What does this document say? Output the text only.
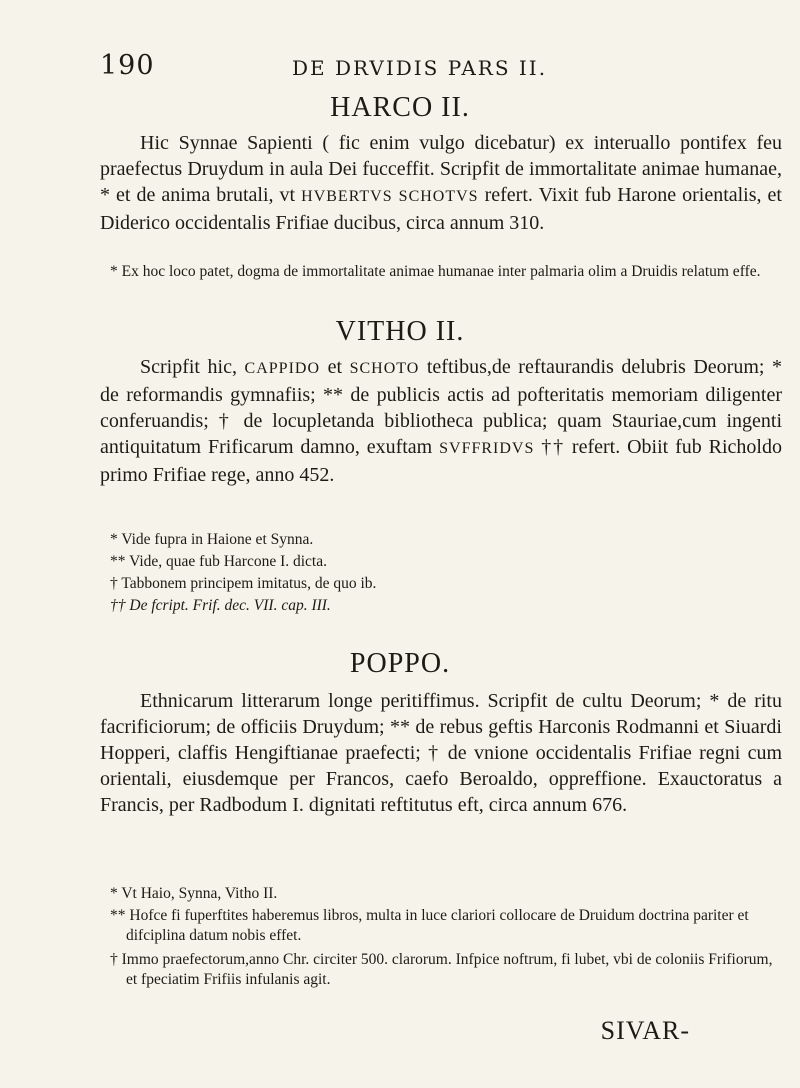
190	DE DRVIDIS PARS II.
HARCO II.

Hic Synnae Sapienti ( fic enim vulgo dicebatur) ex interuallo pontifex feu praefectus Druydum in aula Dei fucceffit. Scripfit de immortalitate animae humanae, * et de anima brutali, vt HVBERTVS SCHOTVS refert. Vixit fub Harone orientalis, et Diderico occidentalis Frifiae ducibus, circa annum 310.

* Ex hoc loco patet, dogma de immortalitate animae humanae inter palmaria olim a Druidis relatum effe.

VITHO II.

Scripfit hic, CAPPIDO et SCHOTO teftibus,de reftaurandis delubris Deorum; * de reformandis gymnafiis; ** de publicis actis ad pofteritatis memoriam diligenter conferuandis; † de locupletanda bibliotheca publica; quam Stauriae,cum ingenti antiquitatum Frificarum damno, exuftam SVFFRIDVS †† refert. Obiit fub Richoldo primo Frifiae rege, anno 452.

* Vide fupra in Haione et Synna.

** Vide, quae fub Harcone I. dicta.

† Tabbonem principem imitatus, de quo ib.

†† De fcript. Frif. dec. VII. cap. III.

POPPO.

Ethnicarum litterarum longe peritiffimus. Scripfit de cultu Deorum; * de ritu facrificiorum; de officiis Druydum; ** de rebus geftis Harconis Rodmanni et Siuardi Hopperi, claffis Hengiftianae praefecti; † de vnione occidentalis Frifiae regni cum orientali, eiusdemque per Francos, caefo Beroaldo, oppreffione. Exauctoratus a Francis, per Radbodum I. dignitati reftitutus eft, circa annum 676.

* Vt Haio, Synna, Vitho II.

** Hofce fi fuperftites haberemus libros, multa in luce clariori collocare de Druidum doctrina pariter et difciplina datum nobis effet.

† Immo praefectorum,anno Chr. circiter 500. clarorum. Infpice noftrum, fi lubet, vbi de coloniis Frifiorum, et fpeciatim Frifiis infulanis agit.

SIVAR-
